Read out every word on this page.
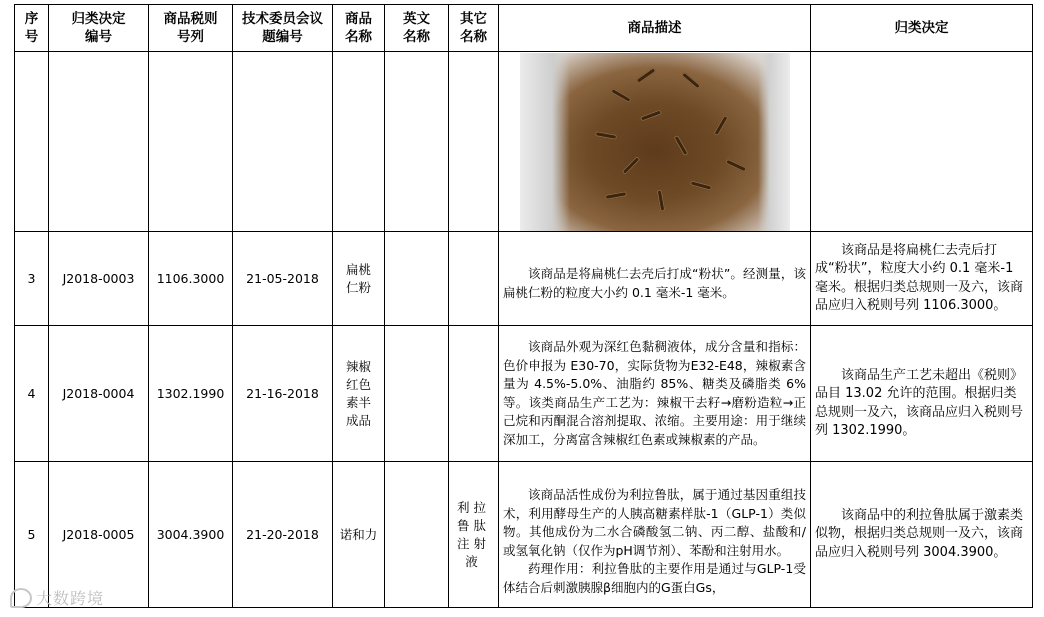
序号	归类决定编号	商品税则号列	技术委员会议题编号	商品名称	英文名称	其它名称	商品描述	归类决定

3	J2018-0003	1106.3000	21-05-2018	扁桃仁粉			该商品是将扁桃仁去壳后打成“粉状”。经测量，该扁桃仁粉的粒度大小约 0.1 毫米-1 毫米。	该商品是将扁桃仁去壳后打成“粉状”，粒度大小约 0.1 毫米-1 毫米。根据归类总规则一及六，该商品应归入税则号列 1106.3000。

4	J2018-0004	1302.1990	21-16-2018	辣椒红色素半成品			该商品外观为深红色黏稠液体，成分含量和指标：色价申报为 E30-70，实际货物为E32-E48，辣椒素含量为 4.5%-5.0%、油脂约 85%、糖类及磷脂类 6%等。该类商品生产工艺为：辣椒干去籽→磨粉造粒→正己烷和丙酮混合溶剂提取、浓缩。主要用途：用于继续深加工，分离富含辣椒红色素或辣椒素的产品。	该商品生产工艺未超出《税则》品目 13.02 允许的范围。根据归类总规则一及六，该商品应归入税则号列 1302.1990。

5	J2018-0005	3004.3900	21-20-2018	诺和力		利拉鲁肽注射液	该商品活性成份为利拉鲁肽，属于通过基因重组技术，利用酵母生产的人胰高糖素样肽-1（GLP-1）类似物。其他成份为二水合磷酸氢二钠、丙二醇、盐酸和/或氢氧化钠（仅作为pH调节剂）、苯酚和注射用水。
药理作用：利拉鲁肽的主要作用是通过与GLP-1受体结合后刺激胰腺β细胞内的G蛋白Gs，	该商品中的利拉鲁肽属于激素类似物，根据归类总规则一及六，该商品应归入税则号列 3004.3900。
大数跨境
